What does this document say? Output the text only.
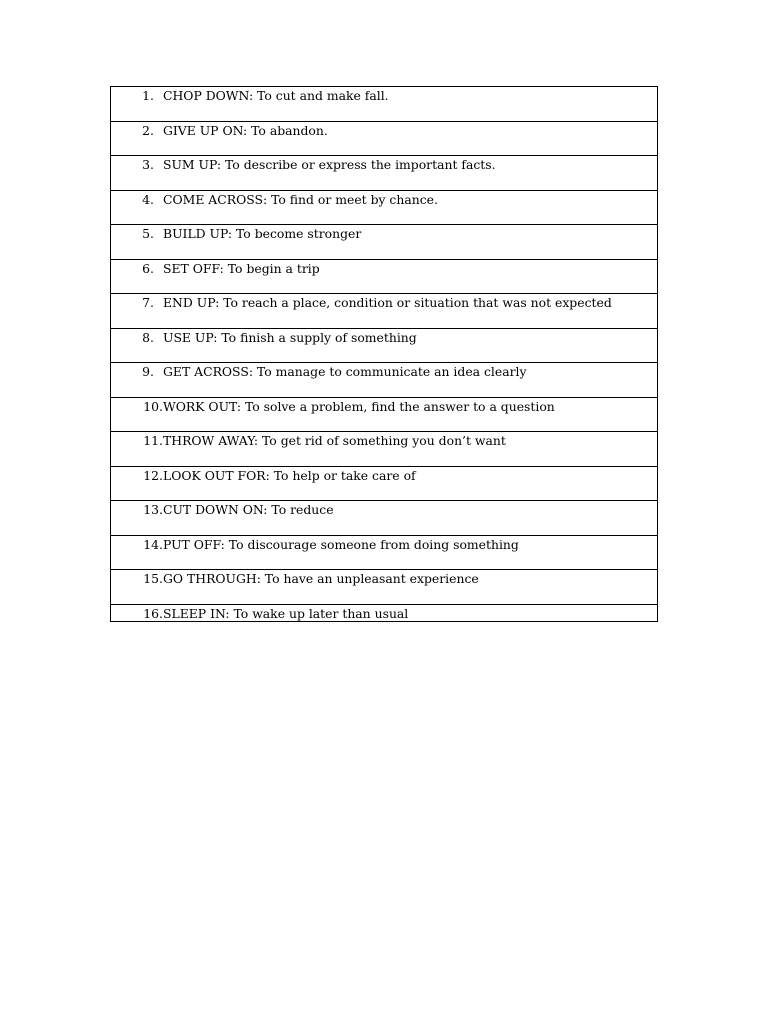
1. CHOP DOWN: To cut and make fall.

2. GIVE UP ON: To abandon.

3. SUM UP: To describe or express the important facts.

4. COME ACROSS: To find or meet by chance.

5. BUILD UP: To become stronger

6. SET OFF: To begin a trip

7. END UP: To reach a place, condition or situation that was not expected

8. USE UP: To finish a supply of something

9. GET ACROSS: To manage to communicate an idea clearly

10. WORK OUT: To solve a problem, find the answer to a question

11. THROW AWAY: To get rid of something you don’t want

12. LOOK OUT FOR: To help or take care of

13. CUT DOWN ON: To reduce

14. PUT OFF: To discourage someone from doing something

15. GO THROUGH: To have an unpleasant experience

16. SLEEP IN: To wake up later than usual
